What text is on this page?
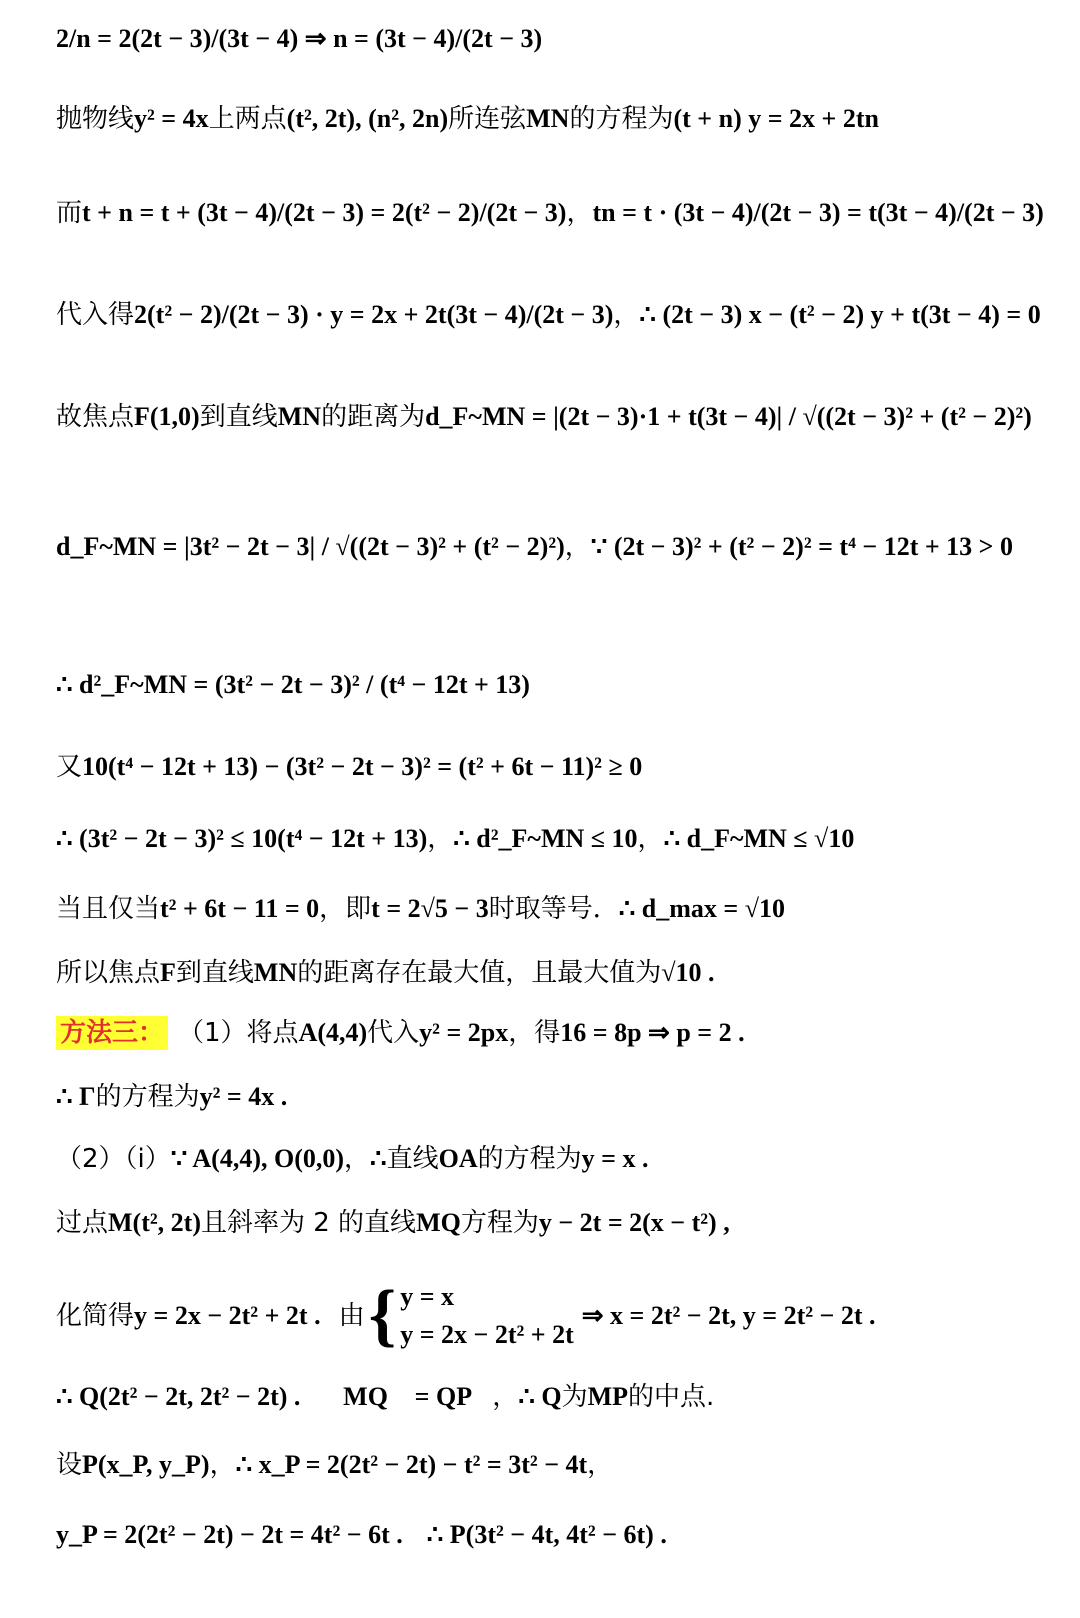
2/n = 2(2t − 3)/(3t − 4) ⇒ n = (3t − 4)/(2t − 3)
抛物线 y² = 4x 上两点 (t², 2t), (n², 2n) 所连弦 MN 的方程为 (t + n) y = 2x + 2tn
而 t + n = t + (3t − 4)/(2t − 3) = 2(t² − 2)/(2t − 3) ， tn = t · (3t − 4)/(2t − 3) = t(3t − 4)/(2t − 3)
代入得 2(t² − 2)/(2t − 3) · y = 2x + 2t(3t − 4)/(2t − 3) ， ∴ (2t − 3) x − (t² − 2) y + t(3t − 4) = 0
故焦点 F(1,0) 到直线 MN 的距离为 d_F~MN = |(2t − 3)·1 + t(3t − 4)| / √((2t − 3)² + (t² − 2)²)
d_F~MN = |3t² − 2t − 3| / √((2t − 3)² + (t² − 2)²) ， ∵ (2t − 3)² + (t² − 2)² = t⁴ − 12t + 13 > 0
∴ d²_F~MN = (3t² − 2t − 3)² / (t⁴ − 12t + 13)
又 10(t⁴ − 12t + 13) − (3t² − 2t − 3)² = (t² + 6t − 11)² ≥ 0
∴ (3t² − 2t − 3)² ≤ 10(t⁴ − 12t + 13) ， ∴ d²_F~MN ≤ 10 ， ∴ d_F~MN ≤ √10
当且仅当 t² + 6t − 11 = 0 ，即 t = 2√5 − 3 时取等号． ∴ d_max = √10
所以焦点 F 到直线 MN 的距离存在最大值，且最大值为 √10 .
方法三： （1）将点 A(4,4) 代入 y² = 2px ，得 16 = 8p ⇒ p = 2 .
∴ Γ 的方程为 y² = 4x .
（2）（i） ∵ A(4,4), O(0,0) ， ∴ 直线 OA 的方程为 y = x .
过点 M(t², 2t) 且斜率为 2 的直线 MQ 方程为 y − 2t = 2(x − t²) ,
化简得 y = 2x − 2t² + 2t . 由 { y = x
y = 2x − 2t² + 2t
⇒ x = 2t² − 2t, y = 2t² − 2t .
∴ Q(2t² − 2t, 2t² − 2t) . ∵ MQ⃗ = QP⃗ ， ∴ Q 为 MP 的中点.
设 P(x_P, y_P) ， ∴ x_P = 2(2t² − 2t) − t² = 3t² − 4t ，
y_P = 2(2t² − 2t) − 2t = 4t² − 6t . ∴ P(3t² − 4t, 4t² − 6t) .
